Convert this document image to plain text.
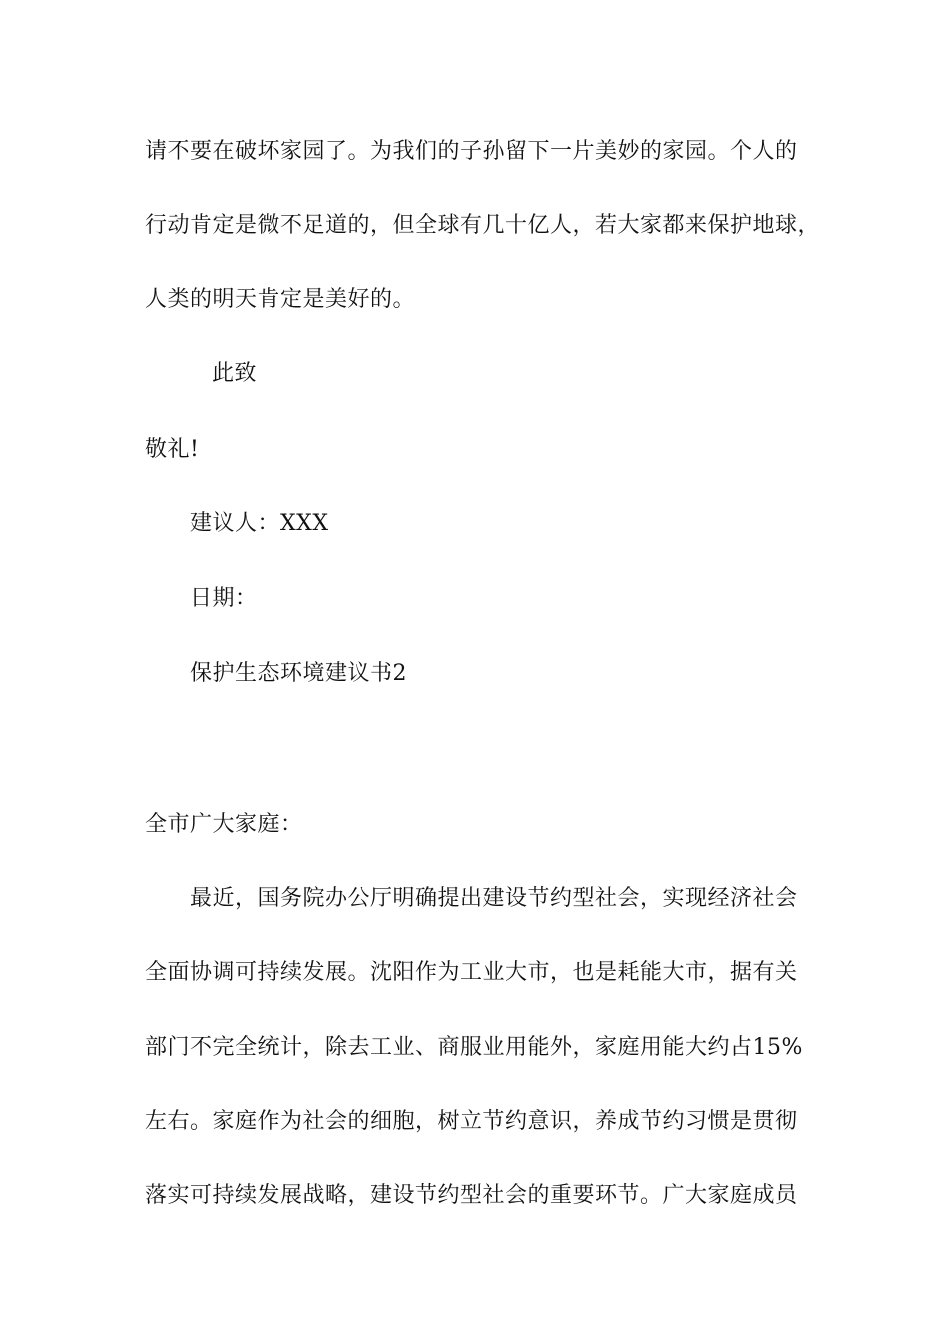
请不要在破坏家园了。为我们的子孙留下一片美妙的家园。个人的
行动肯定是微不足道的，但全球有几十亿人，若大家都来保护地球，
人类的明天肯定是美好的。
此致
敬礼!
建议人：XXX
日期：
保护生态环境建议书2
全市广大家庭：
最近，国务院办公厅明确提出建设节约型社会，实现经济社会
全面协调可持续发展。沈阳作为工业大市，也是耗能大市，据有关
部门不完全统计，除去工业、商服业用能外，家庭用能大约占15%
左右。家庭作为社会的细胞，树立节约意识，养成节约习惯是贯彻
落实可持续发展战略，建设节约型社会的重要环节。广大家庭成员
